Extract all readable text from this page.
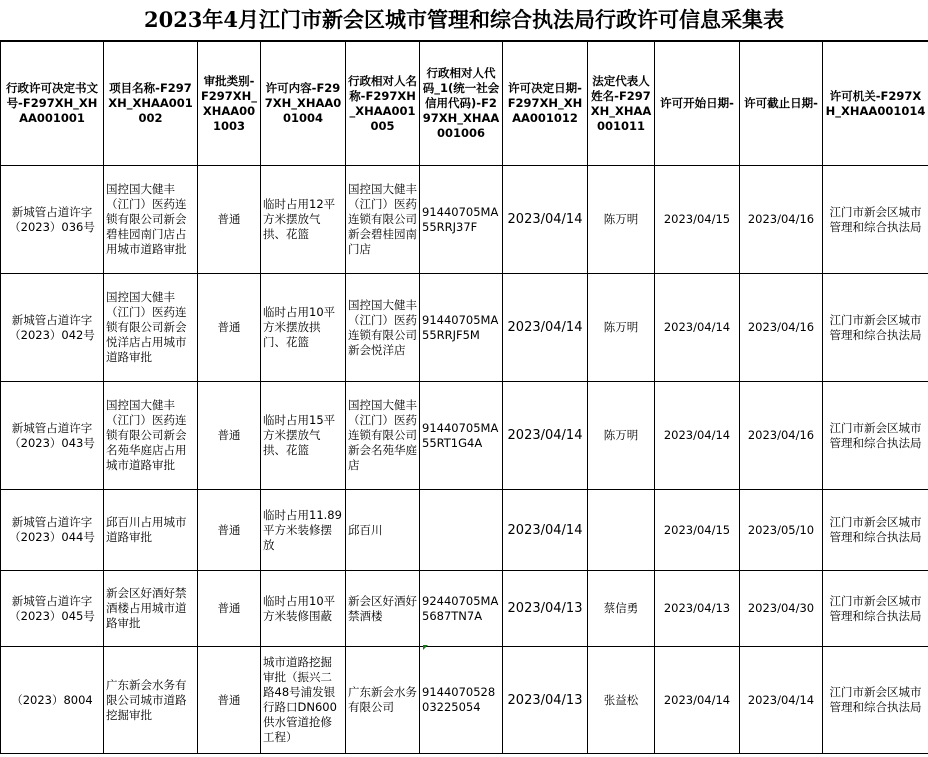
2023年4月江门市新会区城市管理和综合执法局行政许可信息采集表
行政许可决定书文号-F297XH_XHAA001001	项目名称-F297XH_XHAA001002	审批类别-F297XH_XHAA001003	许可内容-F297XH_XHAA001004	行政相对人名称-F297XH_XHAA001005	行政相对人代码_1(统一社会信用代码)-F297XH_XHAA001006	许可决定日期-F297XH_XHAA001012	法定代表人姓名-F297XH_XHAA001011	许可开始日期-	许可截止日期-	许可机关-F297XH_XHAA001014
新城管占道许字（2023）036号	国控国大健丰（江门）医药连锁有限公司新会碧桂园南门店占用城市道路审批	普通	临时占用12平方米摆放气拱、花篮	国控国大健丰（江门）医药连锁有限公司新会碧桂园南门店	91440705MA55RRJ37F	2023/04/14	陈万明	2023/04/15	2023/04/16	江门市新会区城市管理和综合执法局
新城管占道许字（2023）042号	国控国大健丰（江门）医药连锁有限公司新会悦洋店占用城市道路审批	普通	临时占用10平方米摆放拱门、花篮	国控国大健丰（江门）医药连锁有限公司新会悦洋店	91440705MA55RRJF5M	2023/04/14	陈万明	2023/04/14	2023/04/16	江门市新会区城市管理和综合执法局
新城管占道许字（2023）043号	国控国大健丰（江门）医药连锁有限公司新会名苑华庭店占用城市道路审批	普通	临时占用15平方米摆放气拱、花篮	国控国大健丰（江门）医药连锁有限公司新会名苑华庭店	91440705MA55RT1G4A	2023/04/14	陈万明	2023/04/14	2023/04/16	江门市新会区城市管理和综合执法局
新城管占道许字（2023）044号	邱百川占用城市道路审批	普通	临时占用11.89平方米装修摆放	邱百川		2023/04/14		2023/04/15	2023/05/10	江门市新会区城市管理和综合执法局
新城管占道许字（2023）045号	新会区好酒好禁酒楼占用城市道路审批	普通	临时占用10平方米装修围蔽	新会区好酒好禁酒楼	92440705MA5687TN7A	2023/04/13	蔡信勇	2023/04/13	2023/04/30	江门市新会区城市管理和综合执法局
（2023）8004	广东新会水务有限公司城市道路挖掘审批	普通	城市道路挖掘审批（振兴二路48号浦发银行路口DN600供水管道抢修工程）	广东新会水务有限公司	914407052803225054	2023/04/13	张益松	2023/04/14	2023/04/14	江门市新会区城市管理和综合执法局
